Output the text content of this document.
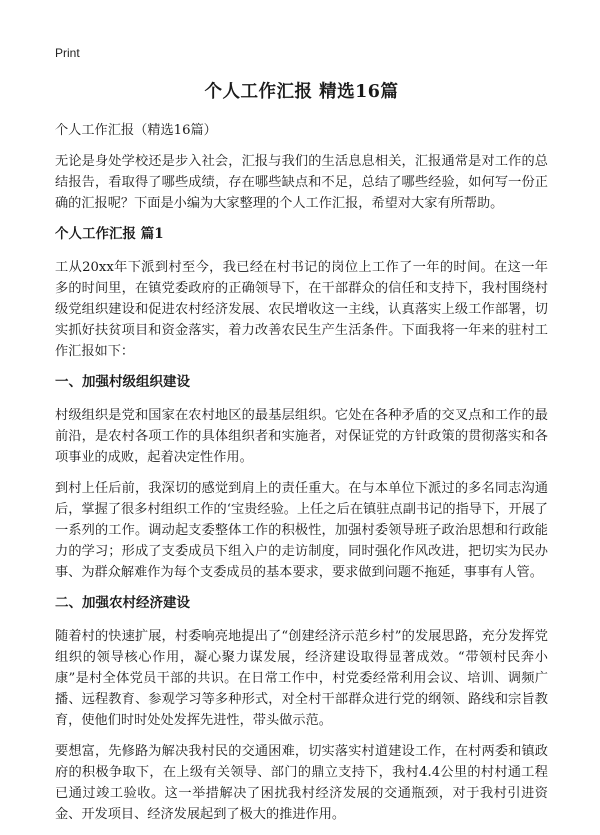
Print
个人工作汇报 精选16篇

个人工作汇报（精选16篇）

无论是身处学校还是步入社会，汇报与我们的生活息息相关，汇报通常是对工作的总结报告，看取得了哪些成绩，存在哪些缺点和不足，总结了哪些经验，如何写一份正确的汇报呢？下面是小编为大家整理的个人工作汇报，希望对大家有所帮助。

个人工作汇报 篇1

工从20xx年下派到村至今，我已经在村书记的岗位上工作了一年的时间。在这一年多的时间里，在镇党委政府的正确领导下，在干部群众的信任和支持下，我村围绕村级党组织建设和促进农村经济发展、农民增收这一主线，认真落实上级工作部署，切实抓好扶贫项目和资金落实，着力改善农民生产生活条件。下面我将一年来的驻村工作汇报如下：

一、加强村级组织建设

村级组织是党和国家在农村地区的最基层组织。它处在各种矛盾的交叉点和工作的最前沿，是农村各项工作的具体组织者和实施者，对保证党的方针政策的贯彻落实和各项事业的成败，起着决定性作用。

到村上任后前，我深切的感觉到肩上的责任重大。在与本单位下派过的多名同志沟通后，掌握了很多村组织工作的‘宝贵经验。上任之后在镇驻点副书记的指导下，开展了一系列的工作。调动起支委整体工作的积极性，加强村委领导班子政治思想和行政能力的学习；形成了支委成员下组入户的走访制度，同时强化作风改进，把切实为民办事、为群众解难作为每个支委成员的基本要求，要求做到问题不拖延，事事有人管。

二、加强农村经济建设

随着村的快速扩展，村委响亮地提出了“创建经济示范乡村”的发展思路，充分发挥党组织的领导核心作用，凝心聚力谋发展，经济建设取得显著成效。“带领村民奔小康”是村全体党员干部的共识。在日常工作中，村党委经常利用会议、培训、调频广播、远程教育、参观学习等多种形式，对全村干部群众进行党的纲领、路线和宗旨教育，使他们时时处处发挥先进性，带头做示范。

要想富，先修路为解决我村民的交通困难，切实落实村道建设工作，在村两委和镇政府的积极争取下，在上级有关领导、部门的鼎立支持下，我村4.4公里的村村通工程已通过竣工验收。这一举措解决了困扰我村经济发展的交通瓶颈，对于我村引进资金、开发项目、经济发展起到了极大的推进作用。
